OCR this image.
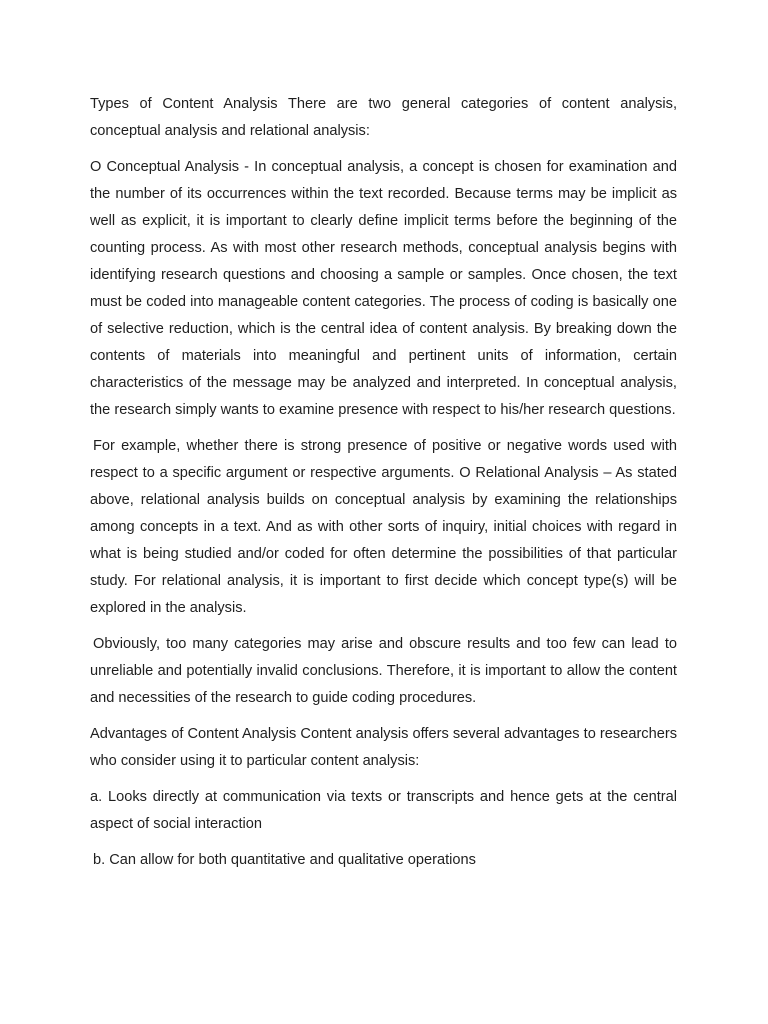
Types of Content Analysis There are two general categories of content analysis, conceptual analysis and relational analysis:

O Conceptual Analysis - In conceptual analysis, a concept is chosen for examination and the number of its occurrences within the text recorded. Because terms may be implicit as well as explicit, it is important to clearly define implicit terms before the beginning of the counting process. As with most other research methods, conceptual analysis begins with identifying research questions and choosing a sample or samples. Once chosen, the text must be coded into manageable content categories. The process of coding is basically one of selective reduction, which is the central idea of content analysis. By breaking down the contents of materials into meaningful and pertinent units of information, certain characteristics of the message may be analyzed and interpreted. In conceptual analysis, the research simply wants to examine presence with respect to his/her research questions.

For example, whether there is strong presence of positive or negative words used with respect to a specific argument or respective arguments. O Relational Analysis – As stated above, relational analysis builds on conceptual analysis by examining the relationships among concepts in a text. And as with other sorts of inquiry, initial choices with regard in what is being studied and/or coded for often determine the possibilities of that particular study. For relational analysis, it is important to first decide which concept type(s) will be explored in the analysis.

Obviously, too many categories may arise and obscure results and too few can lead to unreliable and potentially invalid conclusions. Therefore, it is important to allow the content and necessities of the research to guide coding procedures.

Advantages of Content Analysis Content analysis offers several advantages to researchers who consider using it to particular content analysis:

a. Looks directly at communication via texts or transcripts and hence gets at the central aspect of social interaction

b. Can allow for both quantitative and qualitative operations
